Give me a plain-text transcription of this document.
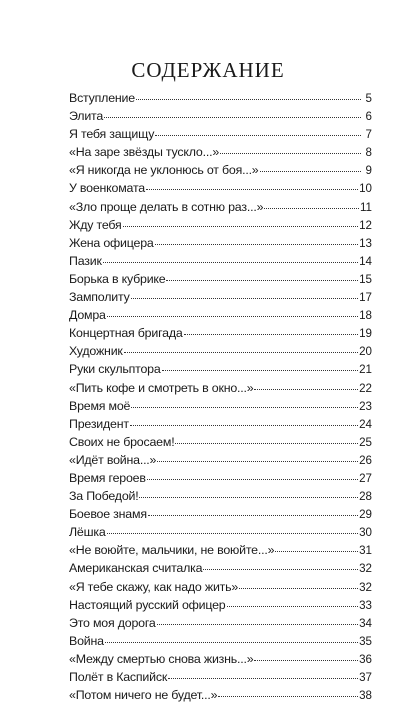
СОДЕРЖАНИЕ
Вступление	5
Элита	6
Я тебя защищу	7
«На заре звёзды тускло...»	8
«Я никогда не уклонюсь от боя...»	9
У военкомата	10
«Зло проще делать в сотню раз...»	11
Жду тебя	12
Жена офицера	13
Пазик	14
Борька в кубрике	15
Замполиту	17
Домра	18
Концертная бригада	19
Художник	20
Руки скульптора	21
«Пить кофе и смотреть в окно...»	22
Время моё	23
Президент	24
Своих не бросаем!	25
«Идёт война...»	26
Время героев	27
За Победой!	28
Боевое знамя	29
Лёшка	30
«Не воюйте, мальчики, не воюйте...»	31
Американская считалка	32
«Я тебе скажу, как надо жить»	32
Настоящий русский офицер	33
Это моя дорога	34
Война	35
«Между смертью снова жизнь...»	36
Полёт в Каспийск	37
«Потом ничего не будет...»	38
